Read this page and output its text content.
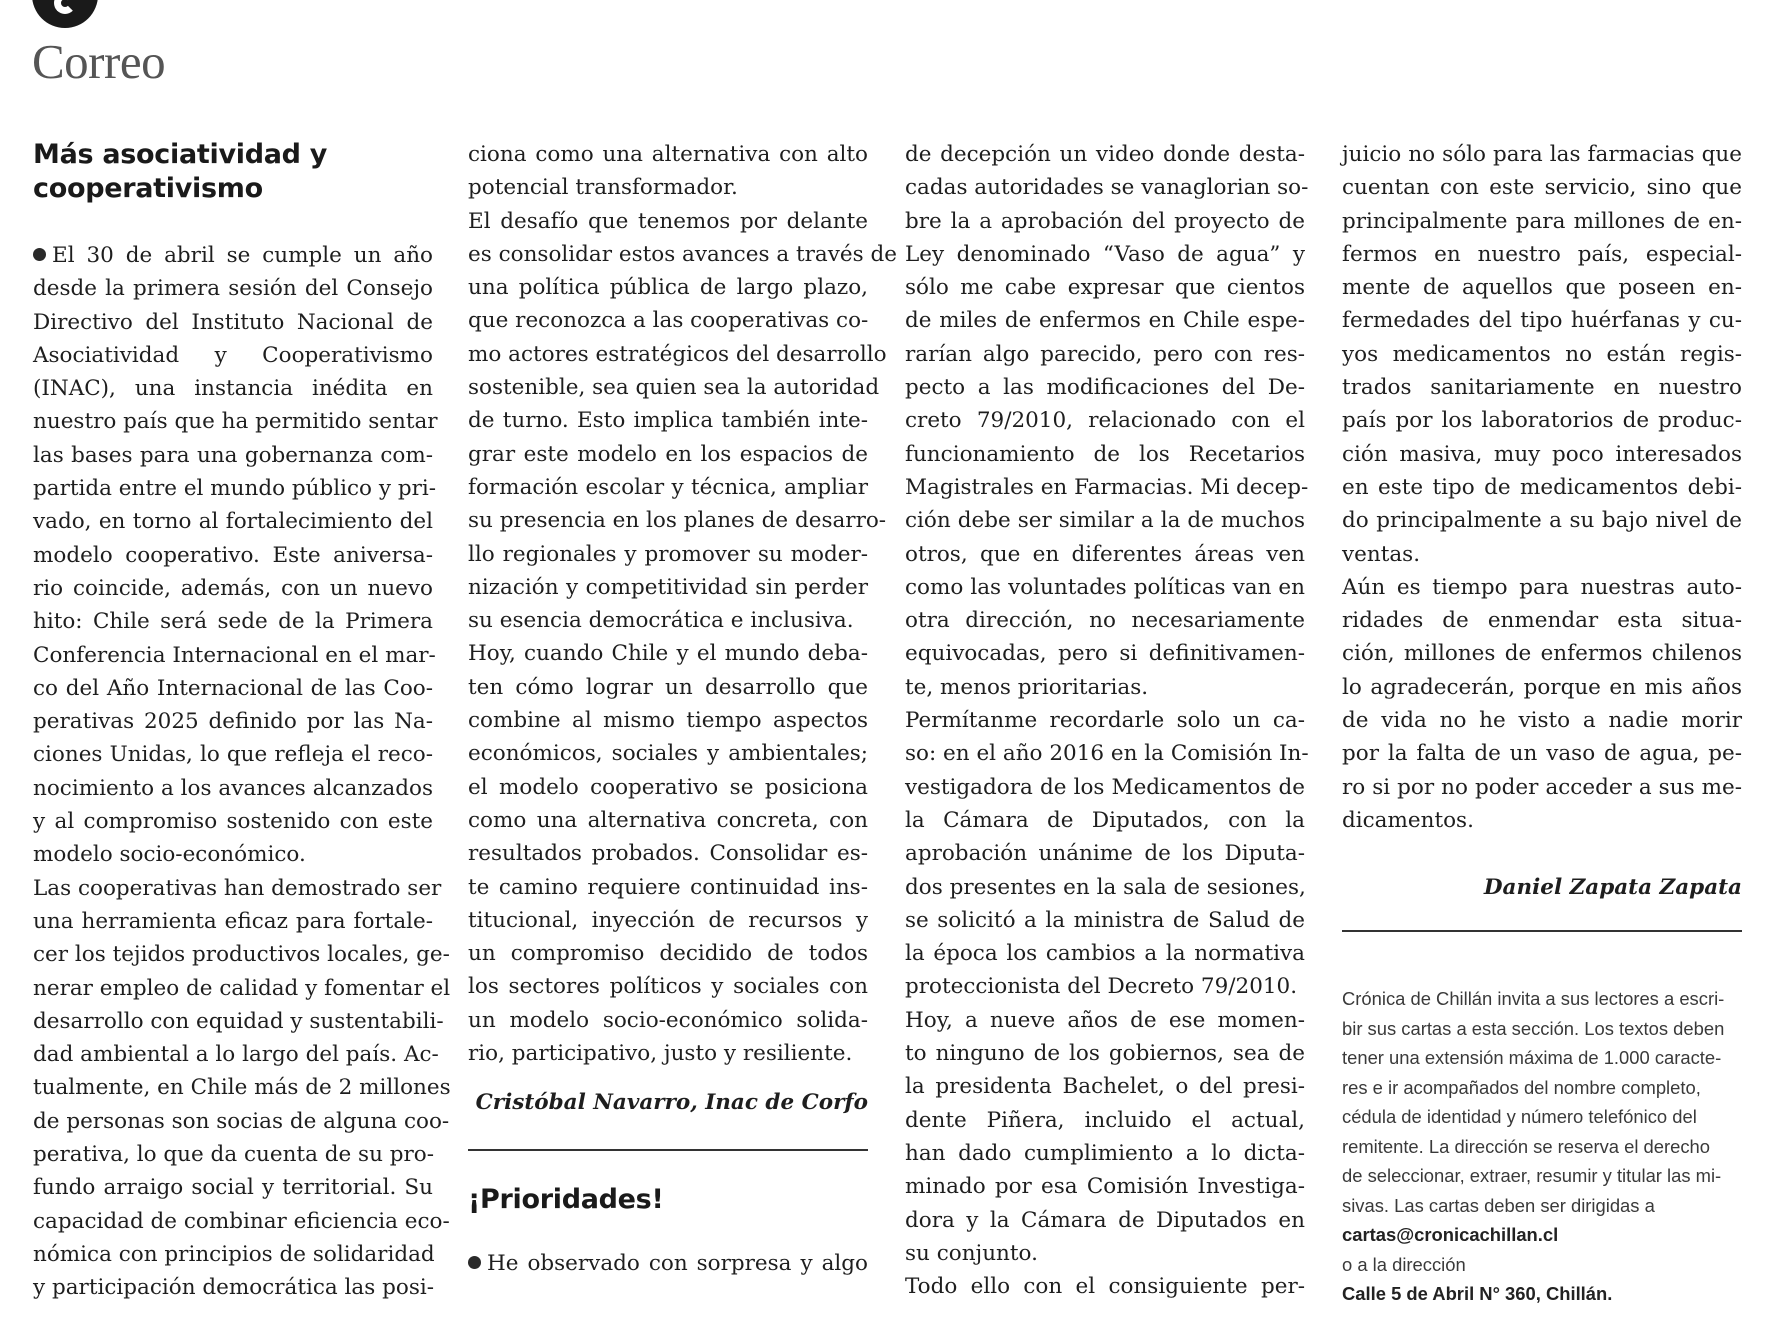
Correo
Más asociatividad y
cooperativismo
El 30 de abril se cumple un año
desde la primera sesión del Consejo
Directivo del Instituto Nacional de
Asociatividad y Cooperativismo
(INAC), una instancia inédita en
nuestro país que ha permitido sentar
las bases para una gobernanza com-
partida entre el mundo público y pri-
vado, en torno al fortalecimiento del
modelo cooperativo. Este aniversa-
rio coincide, además, con un nuevo
hito: Chile será sede de la Primera
Conferencia Internacional en el mar-
co del Año Internacional de las Coo-
perativas 2025 definido por las Na-
ciones Unidas, lo que refleja el reco-
nocimiento a los avances alcanzados
y al compromiso sostenido con este
modelo socio-económico.
Las cooperativas han demostrado ser
una herramienta eficaz para fortale-
cer los tejidos productivos locales, ge-
nerar empleo de calidad y fomentar el
desarrollo con equidad y sustentabili-
dad ambiental a lo largo del país. Ac-
tualmente, en Chile más de 2 millones
de personas son socias de alguna coo-
perativa, lo que da cuenta de su pro-
fundo arraigo social y territorial. Su
capacidad de combinar eficiencia eco-
nómica con principios de solidaridad
y participación democrática las posi-
ciona como una alternativa con alto
potencial transformador.
El desafío que tenemos por delante
es consolidar estos avances a través de
una política pública de largo plazo,
que reconozca a las cooperativas co-
mo actores estratégicos del desarrollo
sostenible, sea quien sea la autoridad
de turno. Esto implica también inte-
grar este modelo en los espacios de
formación escolar y técnica, ampliar
su presencia en los planes de desarro-
llo regionales y promover su moder-
nización y competitividad sin perder
su esencia democrática e inclusiva.
Hoy, cuando Chile y el mundo deba-
ten cómo lograr un desarrollo que
combine al mismo tiempo aspectos
económicos, sociales y ambientales;
el modelo cooperativo se posiciona
como una alternativa concreta, con
resultados probados. Consolidar es-
te camino requiere continuidad ins-
titucional, inyección de recursos y
un compromiso decidido de todos
los sectores políticos y sociales con
un modelo socio-económico solida-
rio, participativo, justo y resiliente.
Cristóbal Navarro, Inac de Corfo
¡Prioridades!
He observado con sorpresa y algo
de decepción un video donde desta-
cadas autoridades se vanaglorian so-
bre la a aprobación del proyecto de
Ley denominado “Vaso de agua” y
sólo me cabe expresar que cientos
de miles de enfermos en Chile espe-
rarían algo parecido, pero con res-
pecto a las modificaciones del De-
creto 79/2010, relacionado con el
funcionamiento de los Recetarios
Magistrales en Farmacias. Mi decep-
ción debe ser similar a la de muchos
otros, que en diferentes áreas ven
como las voluntades políticas van en
otra dirección, no necesariamente
equivocadas, pero si definitivamen-
te, menos prioritarias.
Permítanme recordarle solo un ca-
so: en el año 2016 en la Comisión In-
vestigadora de los Medicamentos de
la Cámara de Diputados, con la
aprobación unánime de los Diputa-
dos presentes en la sala de sesiones,
se solicitó a la ministra de Salud de
la época los cambios a la normativa
proteccionista del Decreto 79/2010.
Hoy, a nueve años de ese momen-
to ninguno de los gobiernos, sea de
la presidenta Bachelet, o del presi-
dente Piñera, incluido el actual,
han dado cumplimiento a lo dicta-
minado por esa Comisión Investiga-
dora y la Cámara de Diputados en
su conjunto.
Todo ello con el consiguiente per-
juicio no sólo para las farmacias que
cuentan con este servicio, sino que
principalmente para millones de en-
fermos en nuestro país, especial-
mente de aquellos que poseen en-
fermedades del tipo huérfanas y cu-
yos medicamentos no están regis-
trados sanitariamente en nuestro
país por los laboratorios de produc-
ción masiva, muy poco interesados
en este tipo de medicamentos debi-
do principalmente a su bajo nivel de
ventas.
Aún es tiempo para nuestras auto-
ridades de enmendar esta situa-
ción, millones de enfermos chilenos
lo agradecerán, porque en mis años
de vida no he visto a nadie morir
por la falta de un vaso de agua, pe-
ro si por no poder acceder a sus me-
dicamentos.
Daniel Zapata Zapata
Crónica de Chillán invita a sus lectores a escri-
bir sus cartas a esta sección. Los textos deben
tener una extensión máxima de 1.000 caracte-
res e ir acompañados del nombre completo,
cédula de identidad y número telefónico del
remitente. La dirección se reserva el derecho
de seleccionar, extraer, resumir y titular las mi-
sivas. Las cartas deben ser dirigidas a
cartas@cronicachillan.cl
o a la dirección
Calle 5 de Abril N° 360, Chillán.
